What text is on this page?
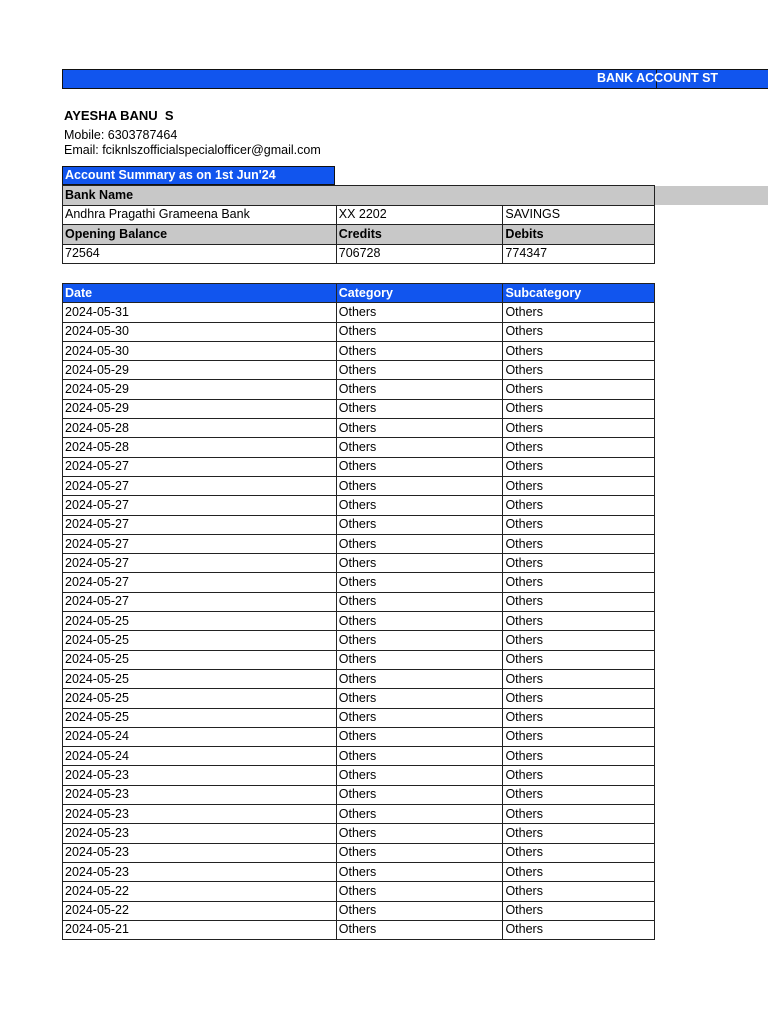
BANK ACCOUNT ST
AYESHA BANU  S
Mobile: 6303787464
Email: fciknlszofficialspecialofficer@gmail.com
Account Summary as on 1st Jun'24
Bank Name		
Andhra Pragathi Grameena Bank	XX 2202	SAVINGS
Opening Balance	Credits	Debits
72564	706728	774347
Date	Category	Subcategory
2024-05-31	Others	Others
2024-05-30	Others	Others
2024-05-30	Others	Others
2024-05-29	Others	Others
2024-05-29	Others	Others
2024-05-29	Others	Others
2024-05-28	Others	Others
2024-05-28	Others	Others
2024-05-27	Others	Others
2024-05-27	Others	Others
2024-05-27	Others	Others
2024-05-27	Others	Others
2024-05-27	Others	Others
2024-05-27	Others	Others
2024-05-27	Others	Others
2024-05-27	Others	Others
2024-05-25	Others	Others
2024-05-25	Others	Others
2024-05-25	Others	Others
2024-05-25	Others	Others
2024-05-25	Others	Others
2024-05-25	Others	Others
2024-05-24	Others	Others
2024-05-24	Others	Others
2024-05-23	Others	Others
2024-05-23	Others	Others
2024-05-23	Others	Others
2024-05-23	Others	Others
2024-05-23	Others	Others
2024-05-23	Others	Others
2024-05-22	Others	Others
2024-05-22	Others	Others
2024-05-21	Others	Others
